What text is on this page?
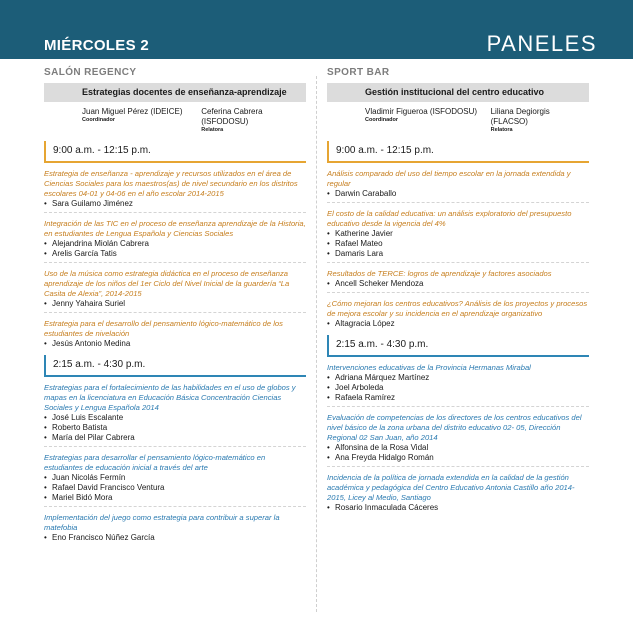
MIÉRCOLES 2	PANELES
SALÓN REGENCY
Estrategias docentes de enseñanza-aprendizaje
Juan Miguel Pérez (IDEICE)
Coordinador
Ceferina Cabrera (ISFODOSU)
Relatora
9:00 a.m. - 12:15 p.m.
Estrategia de enseñanza - aprendizaje y recursos utilizados en el área de Ciencias Sociales para los maestros(as) de nivel secundario en los distritos escolares 04-01 y 04-06 en el año escolar 2014-2015
• Sara Guilamo Jiménez
Integración de las TIC en el proceso de enseñanza aprendizaje de la Historia, en estudiantes de Lengua Española y Ciencias Sociales
• Alejandrina Miolán Cabrera
• Arelis García Tatis
Uso de la música como estrategia didáctica en el proceso de enseñanza aprendizaje de los niños del 1er Ciclo del Nivel Inicial de la guardería “La Casita de Alexia”, 2014-2015
• Jenny Yahaira Suriel
Estrategia para el desarrollo del pensamiento lógico-matemático de los estudiantes de nivelación
• Jesús Antonio Medina
2:15 a.m. - 4:30 p.m.
Estrategias para el fortalecimiento de las habilidades en el uso de globos y mapas en la licenciatura en Educación Básica Concentración Ciencias Sociales y Lengua Española 2014
• José Luis Escalante
• Roberto Batista
• María del Pilar Cabrera
Estrategias para desarrollar el pensamiento lógico-matemático en estudiantes de educación inicial a través del arte
• Juan Nicolás Fermín
• Rafael David Francisco Ventura
• Mariel Bidó Mora
Implementación del juego como estrategia para contribuir a superar la matefobia
• Eno Francisco Núñez García
SPORT BAR
Gestión institucional del centro educativo
Vladimir Figueroa (ISFODOSU)
Coordinador
Liliana Degiorgis (FLACSO)
Relatora
9:00 a.m. - 12:15 p.m.
Análisis comparado del uso del tiempo escolar en la jornada extendida y regular
• Darwin Caraballo
El costo de la calidad educativa: un análisis exploratorio del presupuesto educativo desde la vigencia del 4%
• Katherine Javier
• Rafael Mateo
• Damaris Lara
Resultados de TERCE: logros de aprendizaje y factores asociados
• Ancell Scheker Mendoza
¿Cómo mejoran los centros educativos? Análisis de los proyectos y procesos de mejora escolar y su incidencia en el aprendizaje organizativo
• Altagracia López
2:15 a.m. - 4:30 p.m.
Intervenciones educativas de la Provincia Hermanas Mirabal
• Adriana Márquez Martínez
• Joel Arboleda
• Rafaela Ramírez
Evaluación de competencias de los directores de los centros educativos del nivel básico de la zona urbana del distrito educativo 02- 05, Dirección Regional 02 San Juan, año 2014
• Alfonsina de la Rosa Vidal
• Ana Freyda Hidalgo Román
Incidencia de la política de jornada extendida en la calidad de la gestión académica y pedagógica del Centro Educativo Antonia Castillo año 2014-2015, Licey al Medio, Santiago
• Rosario Inmaculada Cáceres
